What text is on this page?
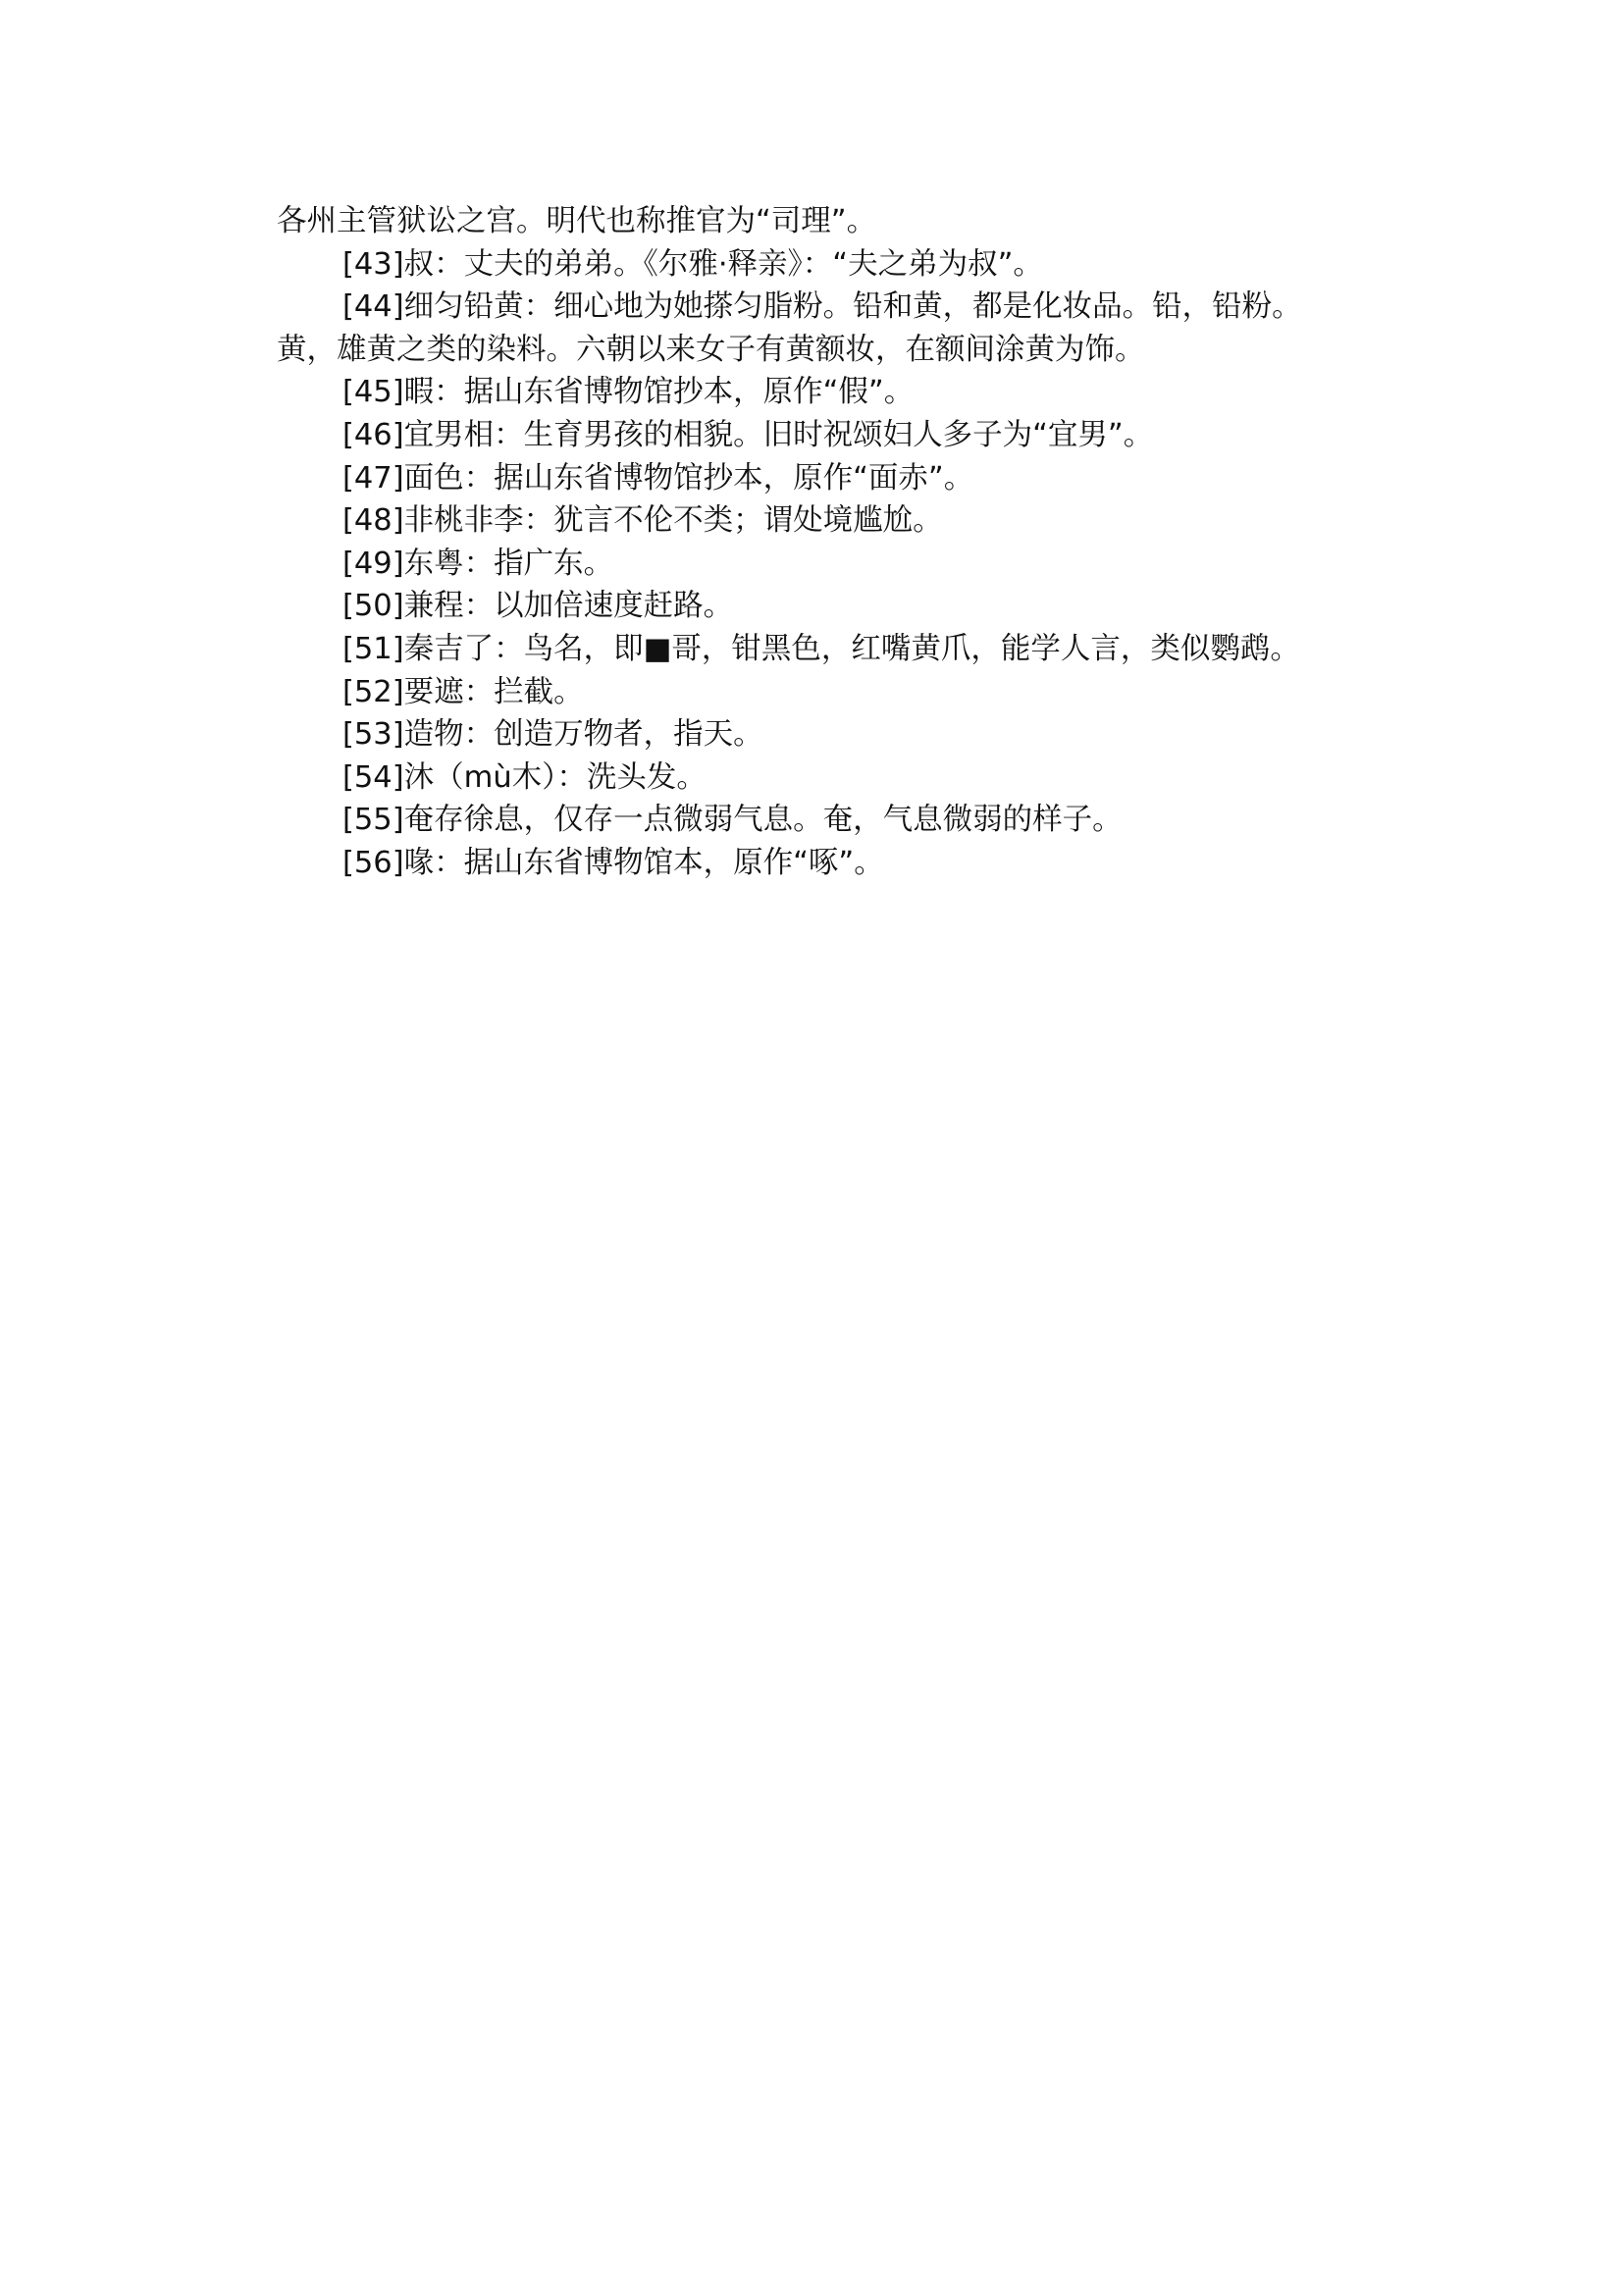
各州主管狱讼之宫。明代也称推官为“司理”。
[43]叔：丈夫的弟弟。《尔雅·释亲》：“夫之弟为叔”。
[44]细匀铅黄：细心地为她搽匀脂粉。铅和黄，都是化妆品。铅，铅粉。
黄，雄黄之类的染料。六朝以来女子有黄额妆，在额间涂黄为饰。
[45]暇：据山东省博物馆抄本，原作“假”。
[46]宜男相：生育男孩的相貌。旧时祝颂妇人多子为“宜男”。
[47]面色：据山东省博物馆抄本，原作“面赤”。
[48]非桃非李：犹言不伦不类；谓处境尴尬。
[49]东粤：指广东。
[50]兼程：以加倍速度赶路。
[51]秦吉了：鸟名，即■哥，钳黑色，红嘴黄爪，能学人言，类似鹦鹉。
[52]要遮：拦截。
[53]造物：创造万物者，指天。
[54]沐（mù木）：洗头发。
[55]奄存徐息，仅存一点微弱气息。奄，气息微弱的样子。
[56]喙：据山东省博物馆本，原作“啄”。
